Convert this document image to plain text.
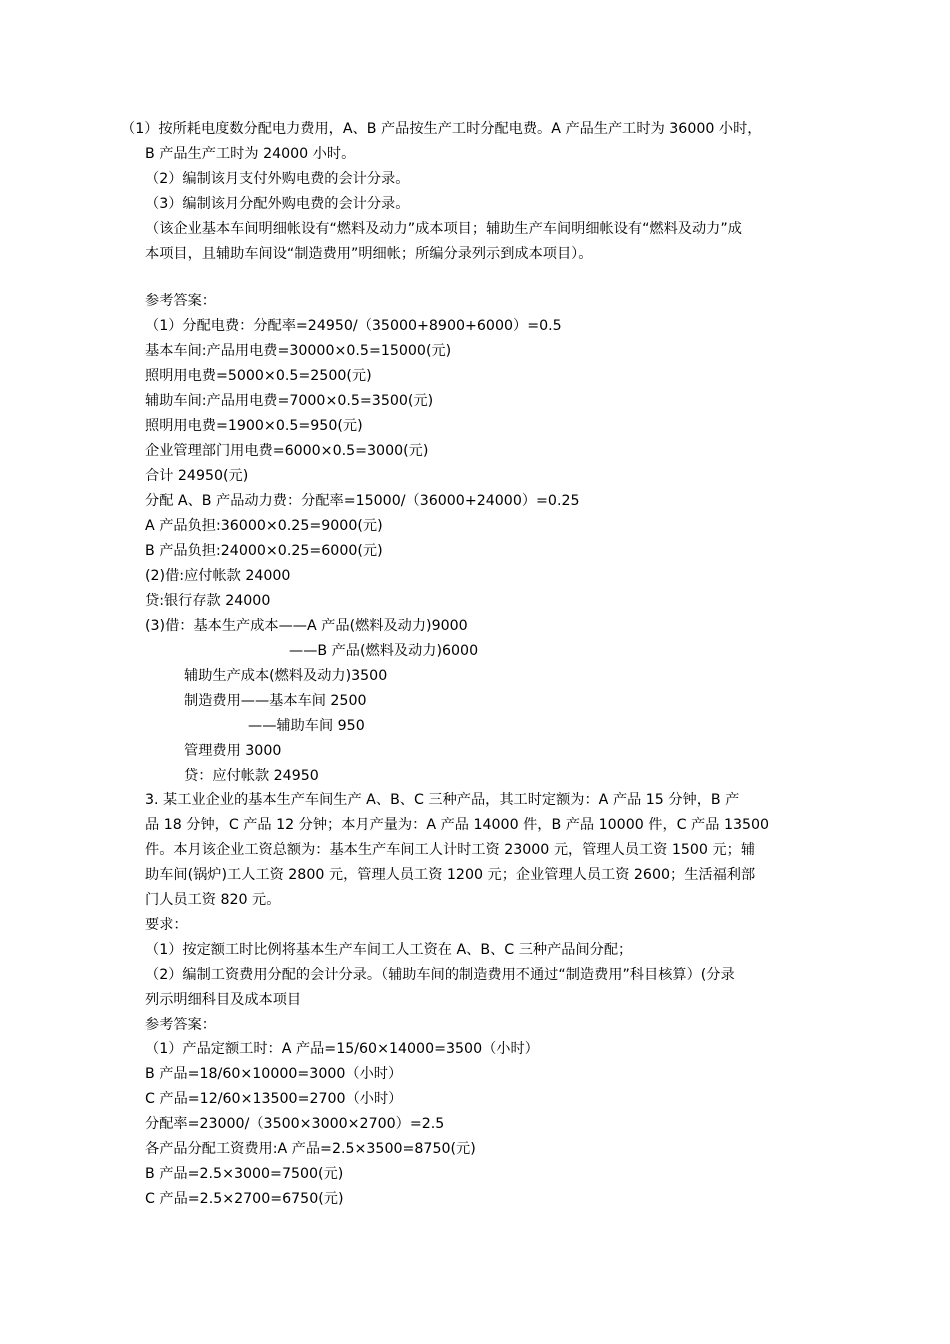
（1）按所耗电度数分配电力费用，A、B 产品按生产工时分配电费。A 产品生产工时为 36000 小时，
B 产品生产工时为 24000 小时。
（2）编制该月支付外购电费的会计分录。
（3）编制该月分配外购电费的会计分录。
（该企业基本车间明细帐设有“燃料及动力”成本项目；辅助生产车间明细帐设有“燃料及动力”成
本项目，且辅助车间设“制造费用”明细帐；所编分录列示到成本项目）。
参考答案：
（1）分配电费：分配率=24950/（35000+8900+6000）=0.5
基本车间:产品用电费=30000×0.5=15000(元)
照明用电费=5000×0.5=2500(元)
辅助车间:产品用电费=7000×0.5=3500(元)
照明用电费=1900×0.5=950(元)
企业管理部门用电费=6000×0.5=3000(元)
合计 24950(元)
分配 A、B 产品动力费：分配率=15000/（36000+24000）=0.25
A 产品负担:36000×0.25=9000(元)
B 产品负担:24000×0.25=6000(元)
(2)借:应付帐款 24000
贷:银行存款 24000
(3)借：基本生产成本——A 产品(燃料及动力)9000
——B 产品(燃料及动力)6000
辅助生产成本(燃料及动力)3500
制造费用——基本车间 2500
——辅助车间 950
管理费用 3000
贷：应付帐款 24950
3. 某工业企业的基本生产车间生产 A、B、C 三种产品，其工时定额为：A 产品 15 分钟，B 产
品 18 分钟，C 产品 12 分钟；本月产量为：A 产品 14000 件，B 产品 10000 件，C 产品 13500
件。本月该企业工资总额为：基本生产车间工人计时工资 23000 元，管理人员工资 1500 元；辅
助车间(锅炉)工人工资 2800 元，管理人员工资 1200 元；企业管理人员工资 2600；生活福利部
门人员工资 820 元。
要求：
（1）按定额工时比例将基本生产车间工人工资在 A、B、C 三种产品间分配；
（2）编制工资费用分配的会计分录。（辅助车间的制造费用不通过“制造费用”科目核算）(分录
列示明细科目及成本项目
参考答案：
（1）产品定额工时：A 产品=15/60×14000=3500（小时）
B 产品=18/60×10000=3000（小时）
C 产品=12/60×13500=2700（小时）
分配率=23000/（3500×3000×2700）=2.5
各产品分配工资费用:A 产品=2.5×3500=8750(元)
B 产品=2.5×3000=7500(元)
C 产品=2.5×2700=6750(元)
